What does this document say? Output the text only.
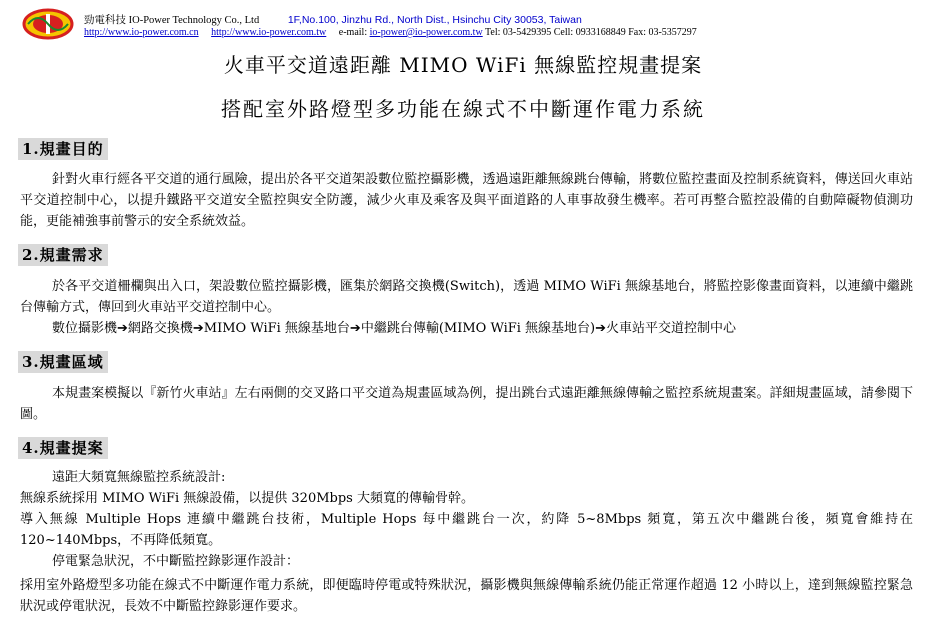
勁電科技 IO-Power Technology Co., Ltd	1F,No.100, Jinzhu Rd., North Dist., Hsinchu City 30053, Taiwan
http://www.io-power.com.cn http://www.io-power.com.tw e-mail: io-power@io-power.com.tw Tel: 03-5429395 Cell: 0933168849 Fax: 03-5357297
火車平交道遠距離 MIMO WiFi 無線監控規畫提案
搭配室外路燈型多功能在線式不中斷運作電力系統
1.規畫目的
針對火車行經各平交道的通行風險，提出於各平交道架設數位監控攝影機，透過遠距離無線跳台傳輸，將數位監控畫面及控制系統資料，傳送回火車站平交道控制中心，以提升鐵路平交道安全監控與安全防護，減少火車及乘客及與平面道路的人車事故發生機率。若可再整合監控設備的自動障礙物偵測功能，更能補強事前警示的安全系統效益。
2.規畫需求
於各平交道柵欄與出入口，架設數位監控攝影機，匯集於網路交換機(Switch)，透過 MIMO WiFi 無線基地台，將監控影像畫面資料，以連續中繼跳台傳輸方式，傳回到火車站平交道控制中心。
數位攝影機➔網路交換機➔MIMO WiFi 無線基地台➔中繼跳台傳輸(MIMO WiFi 無線基地台)➔火車站平交道控制中心
3.規畫區域
本規畫案模擬以『新竹火車站』左右兩側的交叉路口平交道為規畫區域為例，提出跳台式遠距離無線傳輸之監控系統規畫案。詳細規畫區域，請參閱下圖。
4.規畫提案
遠距大頻寬無線監控系統設計:
無線系統採用 MIMO WiFi 無線設備，以提供 320Mbps 大頻寬的傳輸骨幹。
導入無線 Multiple Hops 連續中繼跳台技術，Multiple Hops 每中繼跳台一次，約降 5~8Mbps 頻寬，第五次中繼跳台後，頻寬會維持在 120~140Mbps，不再降低頻寬。
停電緊急狀況，不中斷監控錄影運作設計：
採用室外路燈型多功能在線式不中斷運作電力系統，即便臨時停電或特殊狀況，攝影機與無線傳輸系統仍能正常運作超過 12 小時以上，達到無線監控緊急狀況或停電狀況，長效不中斷監控錄影運作要求。
